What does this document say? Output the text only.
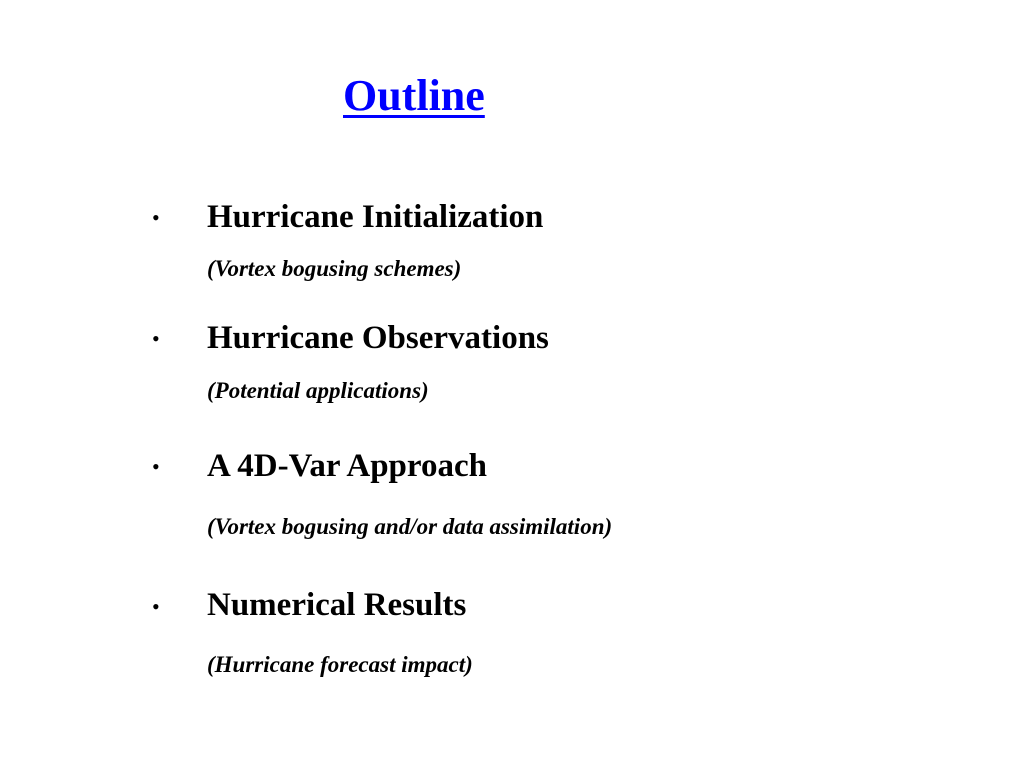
Outline
• Hurricane Initialization
(Vortex bogusing schemes)
• Hurricane Observations
(Potential applications)
• A 4D-Var Approach
(Vortex bogusing and/or data assimilation)
• Numerical Results
(Hurricane forecast impact)
